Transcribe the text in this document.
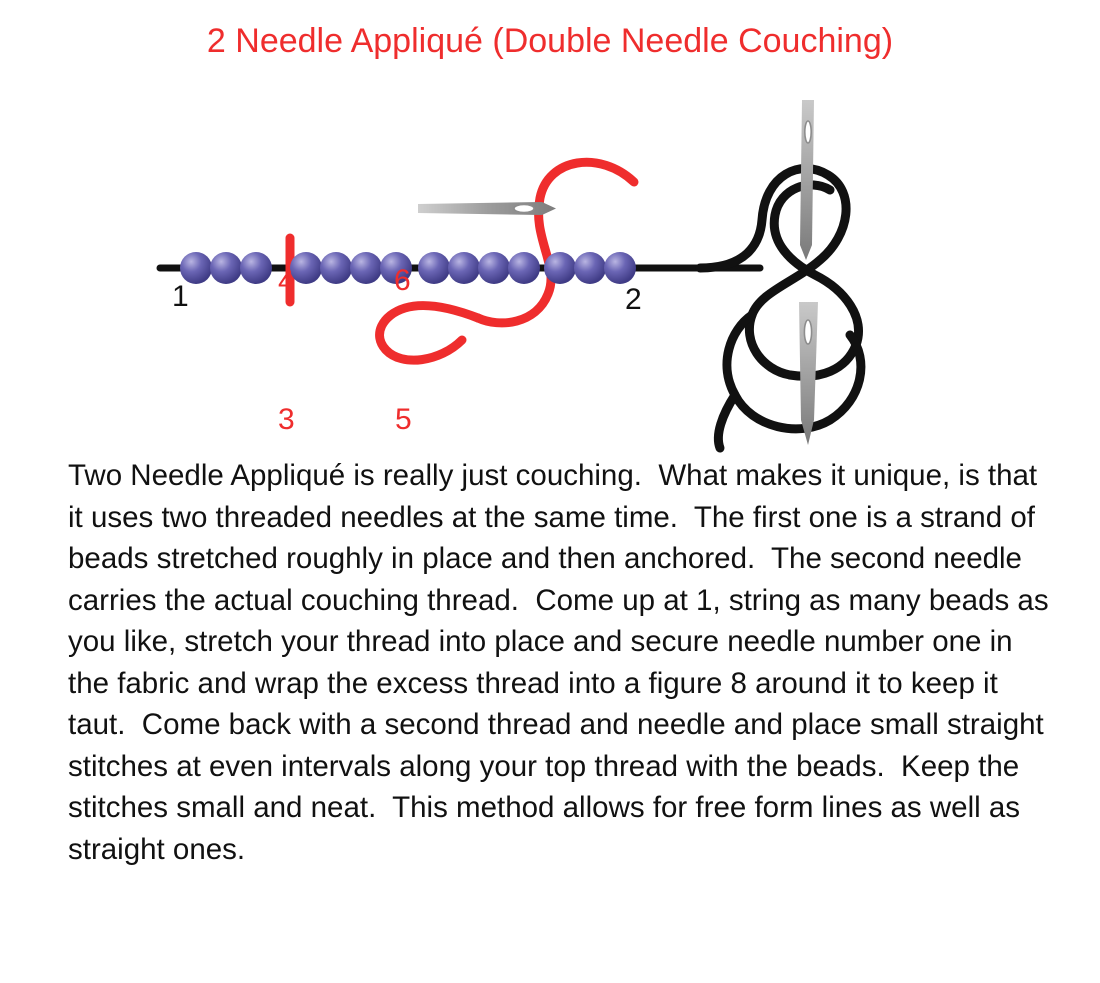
2 Needle Appliqué (Double Needle Couching)
1	2
3
4
5
6
Two Needle Appliqué is really just couching.  What makes it unique, is that it uses two threaded needles at the same time.  The first one is a strand of beads stretched roughly in place and then anchored.  The second needle carries the actual couching thread.  Come up at 1, string as many beads as you like, stretch your thread into place and secure needle number one in the fabric and wrap the excess thread into a figure 8 around it to keep it taut.  Come back with a second thread and needle and place small straight stitches at even intervals along your top thread with the beads.  Keep the stitches small and neat.  This method allows for free form lines as well as straight ones.
